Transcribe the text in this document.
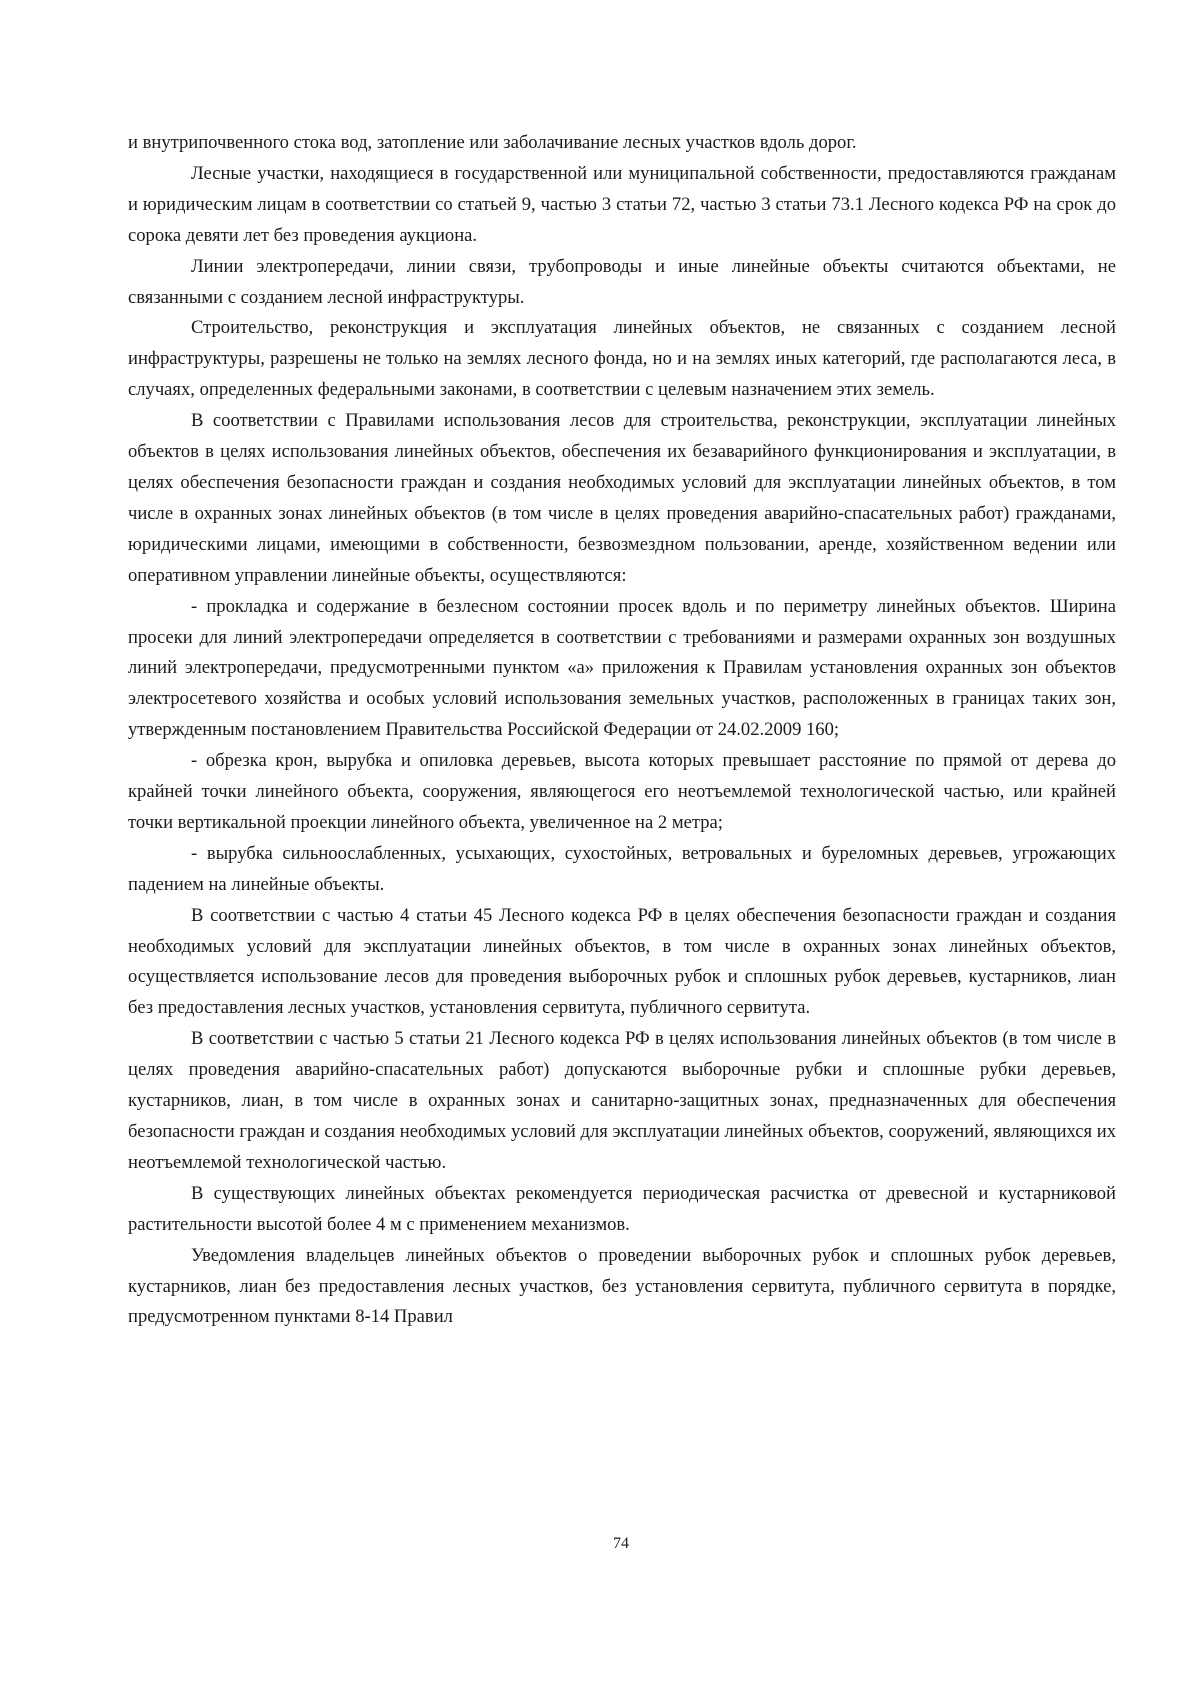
и внутрипочвенного стока вод, затопление или заболачивание лесных участков вдоль дорог.

Лесные участки, находящиеся в государственной или муниципальной собственности, предоставляются гражданам и юридическим лицам в соответствии со статьей 9, частью 3 статьи 72, частью 3 статьи 73.1 Лесного кодекса РФ на срок до сорока девяти лет без проведения аукциона.

Линии электропередачи, линии связи, трубопроводы и иные линейные объекты считаются объектами, не связанными с созданием лесной инфраструктуры.

Строительство, реконструкция и эксплуатация линейных объектов, не связанных с созданием лесной инфраструктуры, разрешены не только на землях лесного фонда, но и на землях иных категорий, где располагаются леса, в случаях, определенных федеральными законами, в соответствии с целевым назначением этих земель.

В соответствии с Правилами использования лесов для строительства, реконструкции, эксплуатации линейных объектов в целях использования линейных объектов, обеспечения их безаварийного функционирования и эксплуатации, в целях обеспечения безопасности граждан и создания необходимых условий для эксплуатации линейных объектов, в том числе в охранных зонах линейных объектов (в том числе в целях проведения аварийно-спасательных работ) гражданами, юридическими лицами, имеющими в собственности, безвозмездном пользовании, аренде, хозяйственном ведении или оперативном управлении линейные объекты, осуществляются:

- прокладка и содержание в безлесном состоянии просек вдоль и по периметру линейных объектов. Ширина просеки для линий электропередачи определяется в соответствии с требованиями и размерами охранных зон воздушных линий электропередачи, предусмотренными пунктом «а» приложения к Правилам установления охранных зон объектов электросетевого хозяйства и особых условий использования земельных участков, расположенных в границах таких зон, утвержденным постановлением Правительства Российской Федерации от 24.02.2009 160;

- обрезка крон, вырубка и опиловка деревьев, высота которых превышает расстояние по прямой от дерева до крайней точки линейного объекта, сооружения, являющегося его неотъемлемой технологической частью, или крайней точки вертикальной проекции линейного объекта, увеличенное на 2 метра;

- вырубка сильноослабленных, усыхающих, сухостойных, ветровальных и буреломных деревьев, угрожающих падением на линейные объекты.

В соответствии с частью 4 статьи 45 Лесного кодекса РФ в целях обеспечения безопасности граждан и создания необходимых условий для эксплуатации линейных объектов, в том числе в охранных зонах линейных объектов, осуществляется использование лесов для проведения выборочных рубок и сплошных рубок деревьев, кустарников, лиан без предоставления лесных участков, установления сервитута, публичного сервитута.

В соответствии с частью 5 статьи 21 Лесного кодекса РФ в целях использования линейных объектов (в том числе в целях проведения аварийно-спасательных работ) допускаются выборочные рубки и сплошные рубки деревьев, кустарников, лиан, в том числе в охранных зонах и санитарно-защитных зонах, предназначенных для обеспечения безопасности граждан и создания необходимых условий для эксплуатации линейных объектов, сооружений, являющихся их неотъемлемой технологической частью.

В существующих линейных объектах рекомендуется периодическая расчистка от древесной и кустарниковой растительности высотой более 4 м с применением механизмов.

Уведомления владельцев линейных объектов о проведении выборочных рубок и сплошных рубок деревьев, кустарников, лиан без предоставления лесных участков, без установления сервитута, публичного сервитута в порядке, предусмотренном пунктами 8-14 Правил

74
